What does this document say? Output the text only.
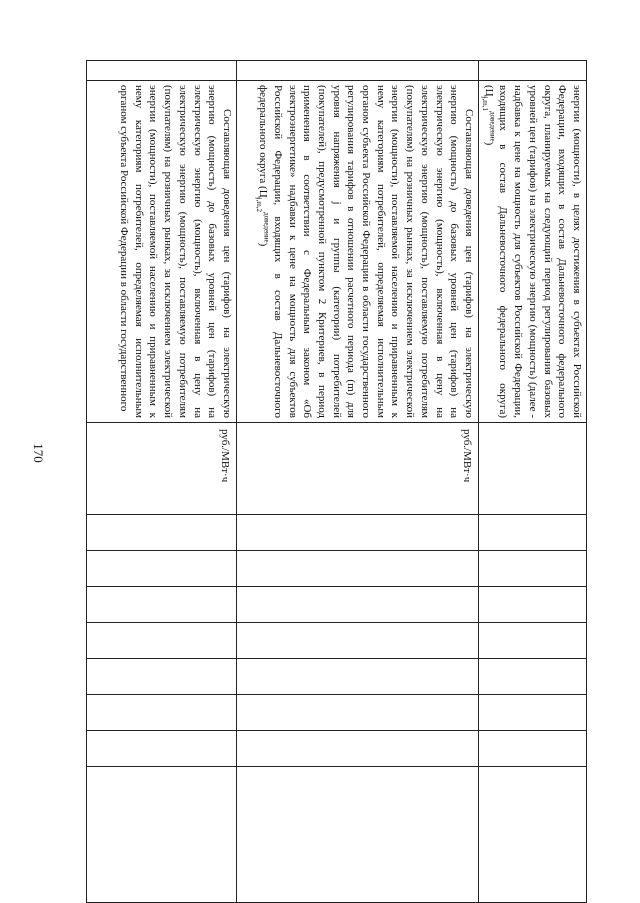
170

	энергии (мощности), в целях достижения в субъектах Российской Федерации, входящих в состав Дальневосточного федерального округа, планируемых на следующий период регулирования базовых уровней цен (тарифов) на электрическую энергию (мощность) (далее - надбавка к цене на мощность для субъектов Российской Федерации, входящих в состав Дальневосточного федерального округа) $(Ц_{j,m,1}^{доведение})$									

	Составляющая доведения цен (тарифов) на электрическую энергию (мощность) до базовых уровней цен (тарифов) на электрическую энергию (мощность), включенная в цену на электрическую энергию (мощность), поставляемую потребителям (покупателям) на розничных рынках, за исключением электрической энергии (мощности), поставляемой населению и приравненным к нему категориям потребителей, определяемая исполнительным органом субъекта Российской Федерации в области государственного регулирования тарифов в отношении расчетного периода (m) для уровня напряжения j и группы (категории) потребителей (покупателей), предусмотренной пунктом 2 Критериев, в период применения в соответствии с Федеральным законом «Об электроэнергетике» надбавки к цене на мощность для субъектов Российской Федерации, входящих в состав Дальневосточного федерального округа $(Ц_{j,m,2}^{доведение})$	руб./МВт·ч								

	Составляющая доведения цен (тарифов) на электрическую энергию (мощность) до базовых уровней цен (тарифов) на электрическую энергию (мощность), включенная в цену на электрическую энергию (мощность), поставляемую потребителям (покупателям) на розничных рынках, за исключением электрической энергии (мощности), поставляемой населению и приравненным к нему категориям потребителей, определяемая исполнительным органом субъекта Российской Федерации в области государственного	руб./МВт·ч								
